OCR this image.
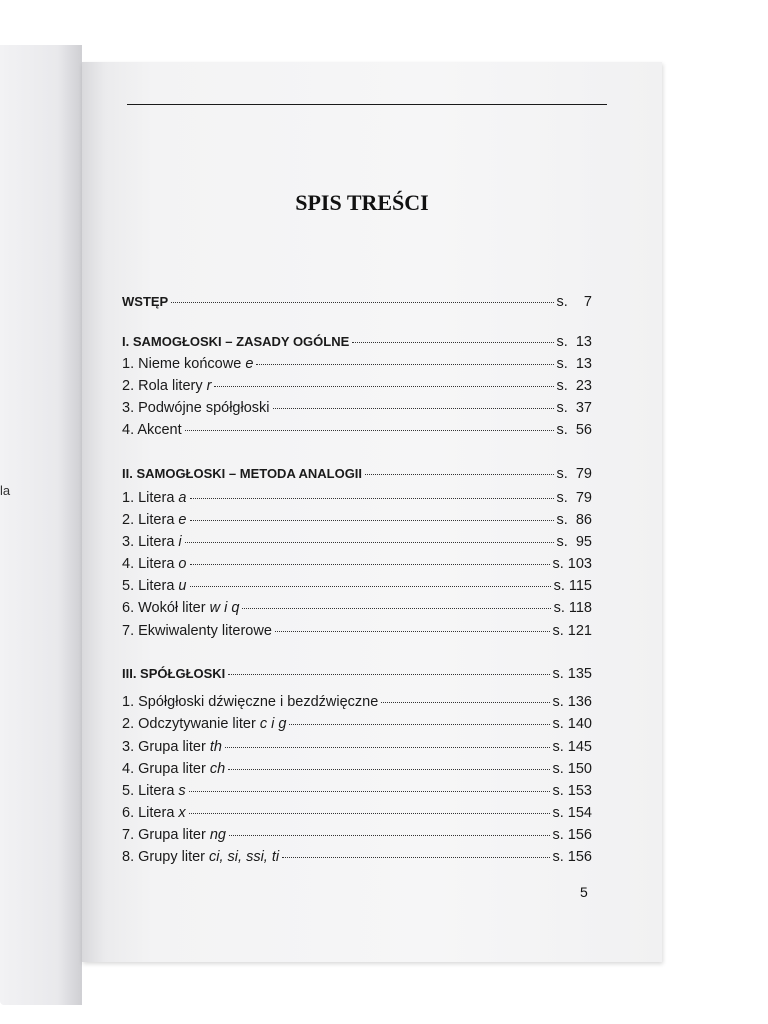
la
SPIS TREŚCI
WSTĘP	s.    7
I. SAMOGŁOSKI – ZASADY OGÓLNE	s.  13
1. Nieme końcowe e	s.  13
2. Rola litery r	s.  23
3. Podwójne spółgłoski	s.  37
4. Akcent	s.  56
II. SAMOGŁOSKI – METODA ANALOGII	s.  79
1. Litera a	s.  79
2. Litera e	s.  86
3. Litera i	s.  95
4. Litera o	s. 103
5. Litera u	s. 115
6. Wokół liter w i q	s. 118
7. Ekwiwalenty literowe	s. 121
III. SPÓŁGŁOSKI	s. 135
1. Spółgłoski dźwięczne i bezdźwięczne	s. 136
2. Odczytywanie liter c i g	s. 140
3. Grupa liter th	s. 145
4. Grupa liter ch	s. 150
5. Litera s	s. 153
6. Litera x	s. 154
7. Grupa liter ng	s. 156
8. Grupy liter ci, si, ssi, ti	s. 156
5
